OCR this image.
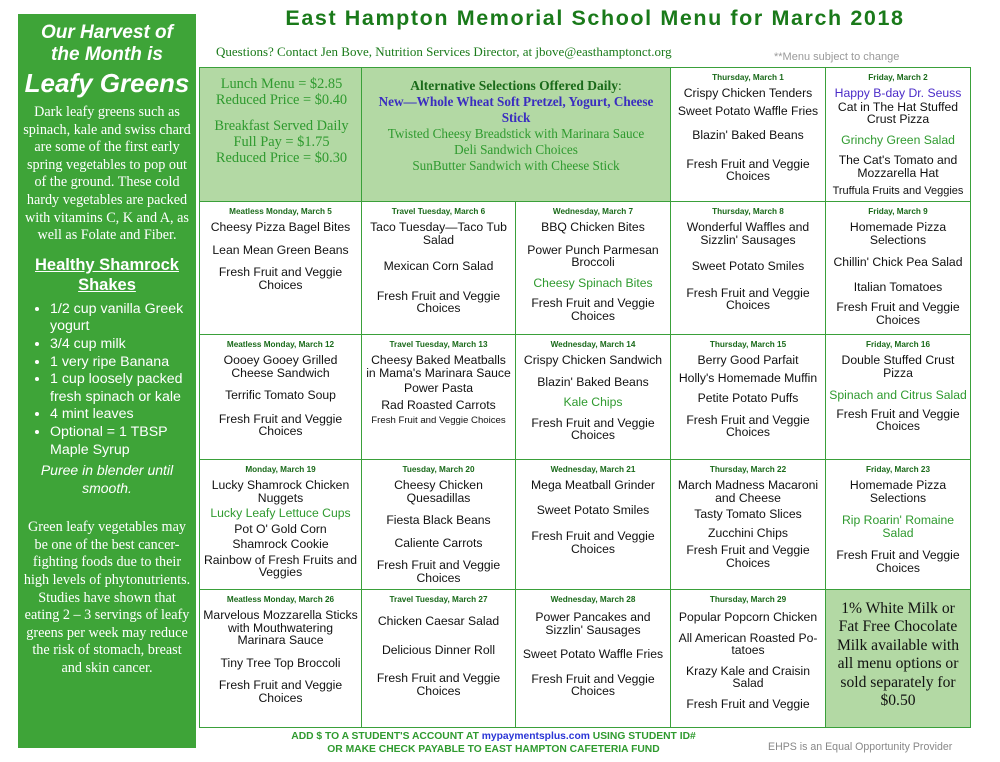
Our Harvest of
the Month is
Leafy Greens
Dark leafy greens such as spinach, kale and swiss chard are some of the first early spring vegetables to pop out of the ground. These cold hardy vegetables are packed with vitamins C, K and A, as well as Folate and Fiber.
Healthy Shamrock
Shakes
• 1/2 cup vanilla Greek yogurt
• 3/4 cup milk
• 1 very ripe Banana
• 1 cup loosely packed fresh spinach or kale
• 4 mint leaves
• Optional = 1 TBSP Maple Syrup
Puree in blender until smooth.
Green leafy vegetables may be one of the best cancer-fighting foods due to their high levels of phytonutrients. Studies have shown that eating 2 – 3 servings of leafy greens per week may reduce the risk of stomach, breast and skin cancer.
East Hampton Memorial School Menu for March 2018
Questions? Contact Jen Bove, Nutrition Services Director, at jbove@easthamptonct.org	**Menu subject to change
Lunch Menu = $2.85
Reduced Price = $0.40
Breakfast Served Daily
Full Pay = $1.75
Reduced Price = $0.30
Alternative Selections Offered Daily:
New—Whole Wheat Soft Pretzel, Yogurt, Cheese Stick
Twisted Cheesy Breadstick with Marinara Sauce
Deli Sandwich Choices
SunButter Sandwich with Cheese Stick
Thursday, March 1
Crispy Chicken Tenders
Sweet Potato Waffle Fries
Blazin' Baked Beans
Fresh Fruit and Veggie Choices
Friday, March 2
Happy B-day Dr. Seuss
Cat in The Hat Stuffed Crust Pizza
Grinchy Green Salad
The Cat's Tomato and Mozzarella Hat
Truffula Fruits and Veggies
Meatless Monday, March 5
Cheesy Pizza Bagel Bites
Lean Mean Green Beans
Fresh Fruit and Veggie Choices
Travel Tuesday, March 6
Taco Tuesday—Taco Tub Salad
Mexican Corn Salad
Fresh Fruit and Veggie Choices
Wednesday, March 7
BBQ Chicken Bites
Power Punch Parmesan Broccoli
Cheesy Spinach Bites
Fresh Fruit and Veggie Choices
Thursday, March 8
Wonderful Waffles and Sizzlin' Sausages
Sweet Potato Smiles
Fresh Fruit and Veggie Choices
Friday, March 9
Homemade Pizza Selections
Chillin' Chick Pea Salad
Italian Tomatoes
Fresh Fruit and Veggie Choices
Meatless Monday, March 12
Oooey Gooey Grilled Cheese Sandwich
Terrific Tomato Soup
Fresh Fruit and Veggie Choices
Travel Tuesday, March 13
Cheesy Baked Meatballs in Mama's Marinara Sauce
Power Pasta
Rad Roasted Carrots
Fresh Fruit and Veggie Choices
Wednesday, March 14
Crispy Chicken Sandwich
Blazin' Baked Beans
Kale Chips
Fresh Fruit and Veggie Choices
Thursday, March 15
Berry Good Parfait
Holly's Homemade Muffin
Petite Potato Puffs
Fresh Fruit and Veggie Choices
Friday, March 16
Double Stuffed Crust Pizza
Spinach and Citrus Salad
Fresh Fruit and Veggie Choices
Monday, March 19
Lucky Shamrock Chicken Nuggets
Lucky Leafy Lettuce Cups
Pot O' Gold Corn
Shamrock Cookie
Rainbow of Fresh Fruits and Veggies
Tuesday, March 20
Cheesy Chicken Quesadillas
Fiesta Black Beans
Caliente Carrots
Fresh Fruit and Veggie Choices
Wednesday, March 21
Mega Meatball Grinder
Sweet Potato Smiles
Fresh Fruit and Veggie Choices
Thursday, March 22
March Madness Macaroni and Cheese
Tasty Tomato Slices
Zucchini Chips
Fresh Fruit and Veggie Choices
Friday, March 23
Homemade Pizza Selections
Rip Roarin' Romaine Salad
Fresh Fruit and Veggie Choices
Meatless Monday, March 26
Marvelous Mozzarella Sticks with Mouthwatering Marinara Sauce
Tiny Tree Top Broccoli
Fresh Fruit and Veggie Choices
Travel Tuesday, March 27
Chicken Caesar Salad
Delicious Dinner Roll
Fresh Fruit and Veggie Choices
Wednesday, March 28
Power Pancakes and Sizzlin' Sausages
Sweet Potato Waffle Fries
Fresh Fruit and Veggie Choices
Thursday, March 29
Popular Popcorn Chicken
All American Roasted Po-tatoes
Krazy Kale and Craisin Salad
Fresh Fruit and Veggie
1% White Milk or Fat Free Chocolate Milk available with all menu options or sold separately for $0.50
ADD $ TO A STUDENT'S ACCOUNT AT mypaymentsplus.com USING STUDENT ID#
OR MAKE CHECK PAYABLE TO EAST HAMPTON CAFETERIA FUND	EHPS is an Equal Opportunity Provider
